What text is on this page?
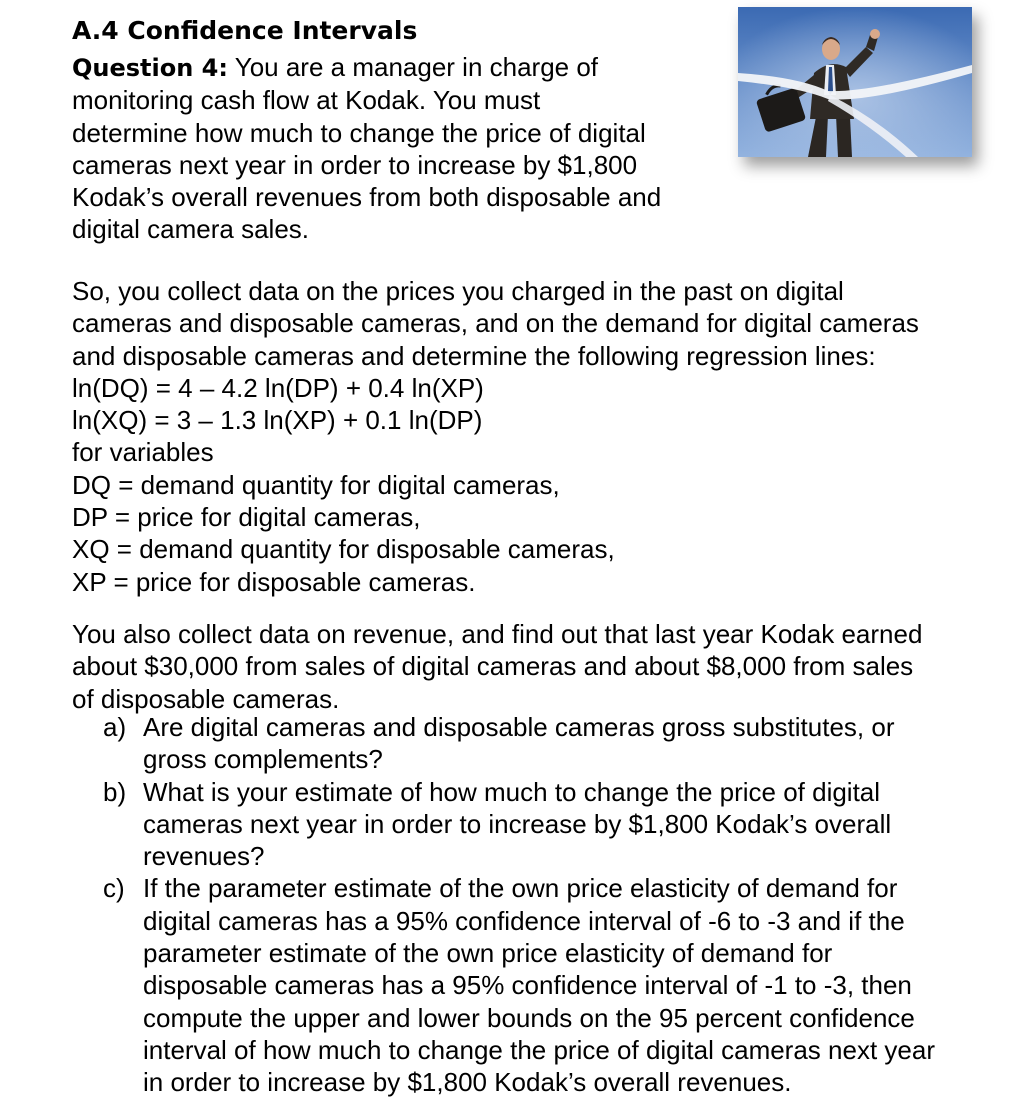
A.4 Confidence Intervals

Question 4: You are a manager in charge of
monitoring cash flow at Kodak. You must
determine how much to change the price of digital
cameras next year in order to increase by $1,800
Kodak’s overall revenues from both disposable and
digital camera sales.

So, you collect data on the prices you charged in the past on digital
cameras and disposable cameras, and on the demand for digital cameras
and disposable cameras and determine the following regression lines:
ln(DQ) = 4 – 4.2 ln(DP) + 0.4 ln(XP)
ln(XQ) = 3 – 1.3 ln(XP) + 0.1 ln(DP)
for variables
DQ = demand quantity for digital cameras,
DP = price for digital cameras,
XQ = demand quantity for disposable cameras,
XP = price for disposable cameras.

You also collect data on revenue, and find out that last year Kodak earned
about $30,000 from sales of digital cameras and about $8,000 from sales
of disposable cameras.

a) Are digital cameras and disposable cameras gross substitutes, or
gross complements?
b) What is your estimate of how much to change the price of digital
cameras next year in order to increase by $1,800 Kodak’s overall
revenues?
c) If the parameter estimate of the own price elasticity of demand for
digital cameras has a 95% confidence interval of -6 to -3 and if the
parameter estimate of the own price elasticity of demand for
disposable cameras has a 95% confidence interval of -1 to -3, then
compute the upper and lower bounds on the 95 percent confidence
interval of how much to change the price of digital cameras next year
in order to increase by $1,800 Kodak’s overall revenues.
